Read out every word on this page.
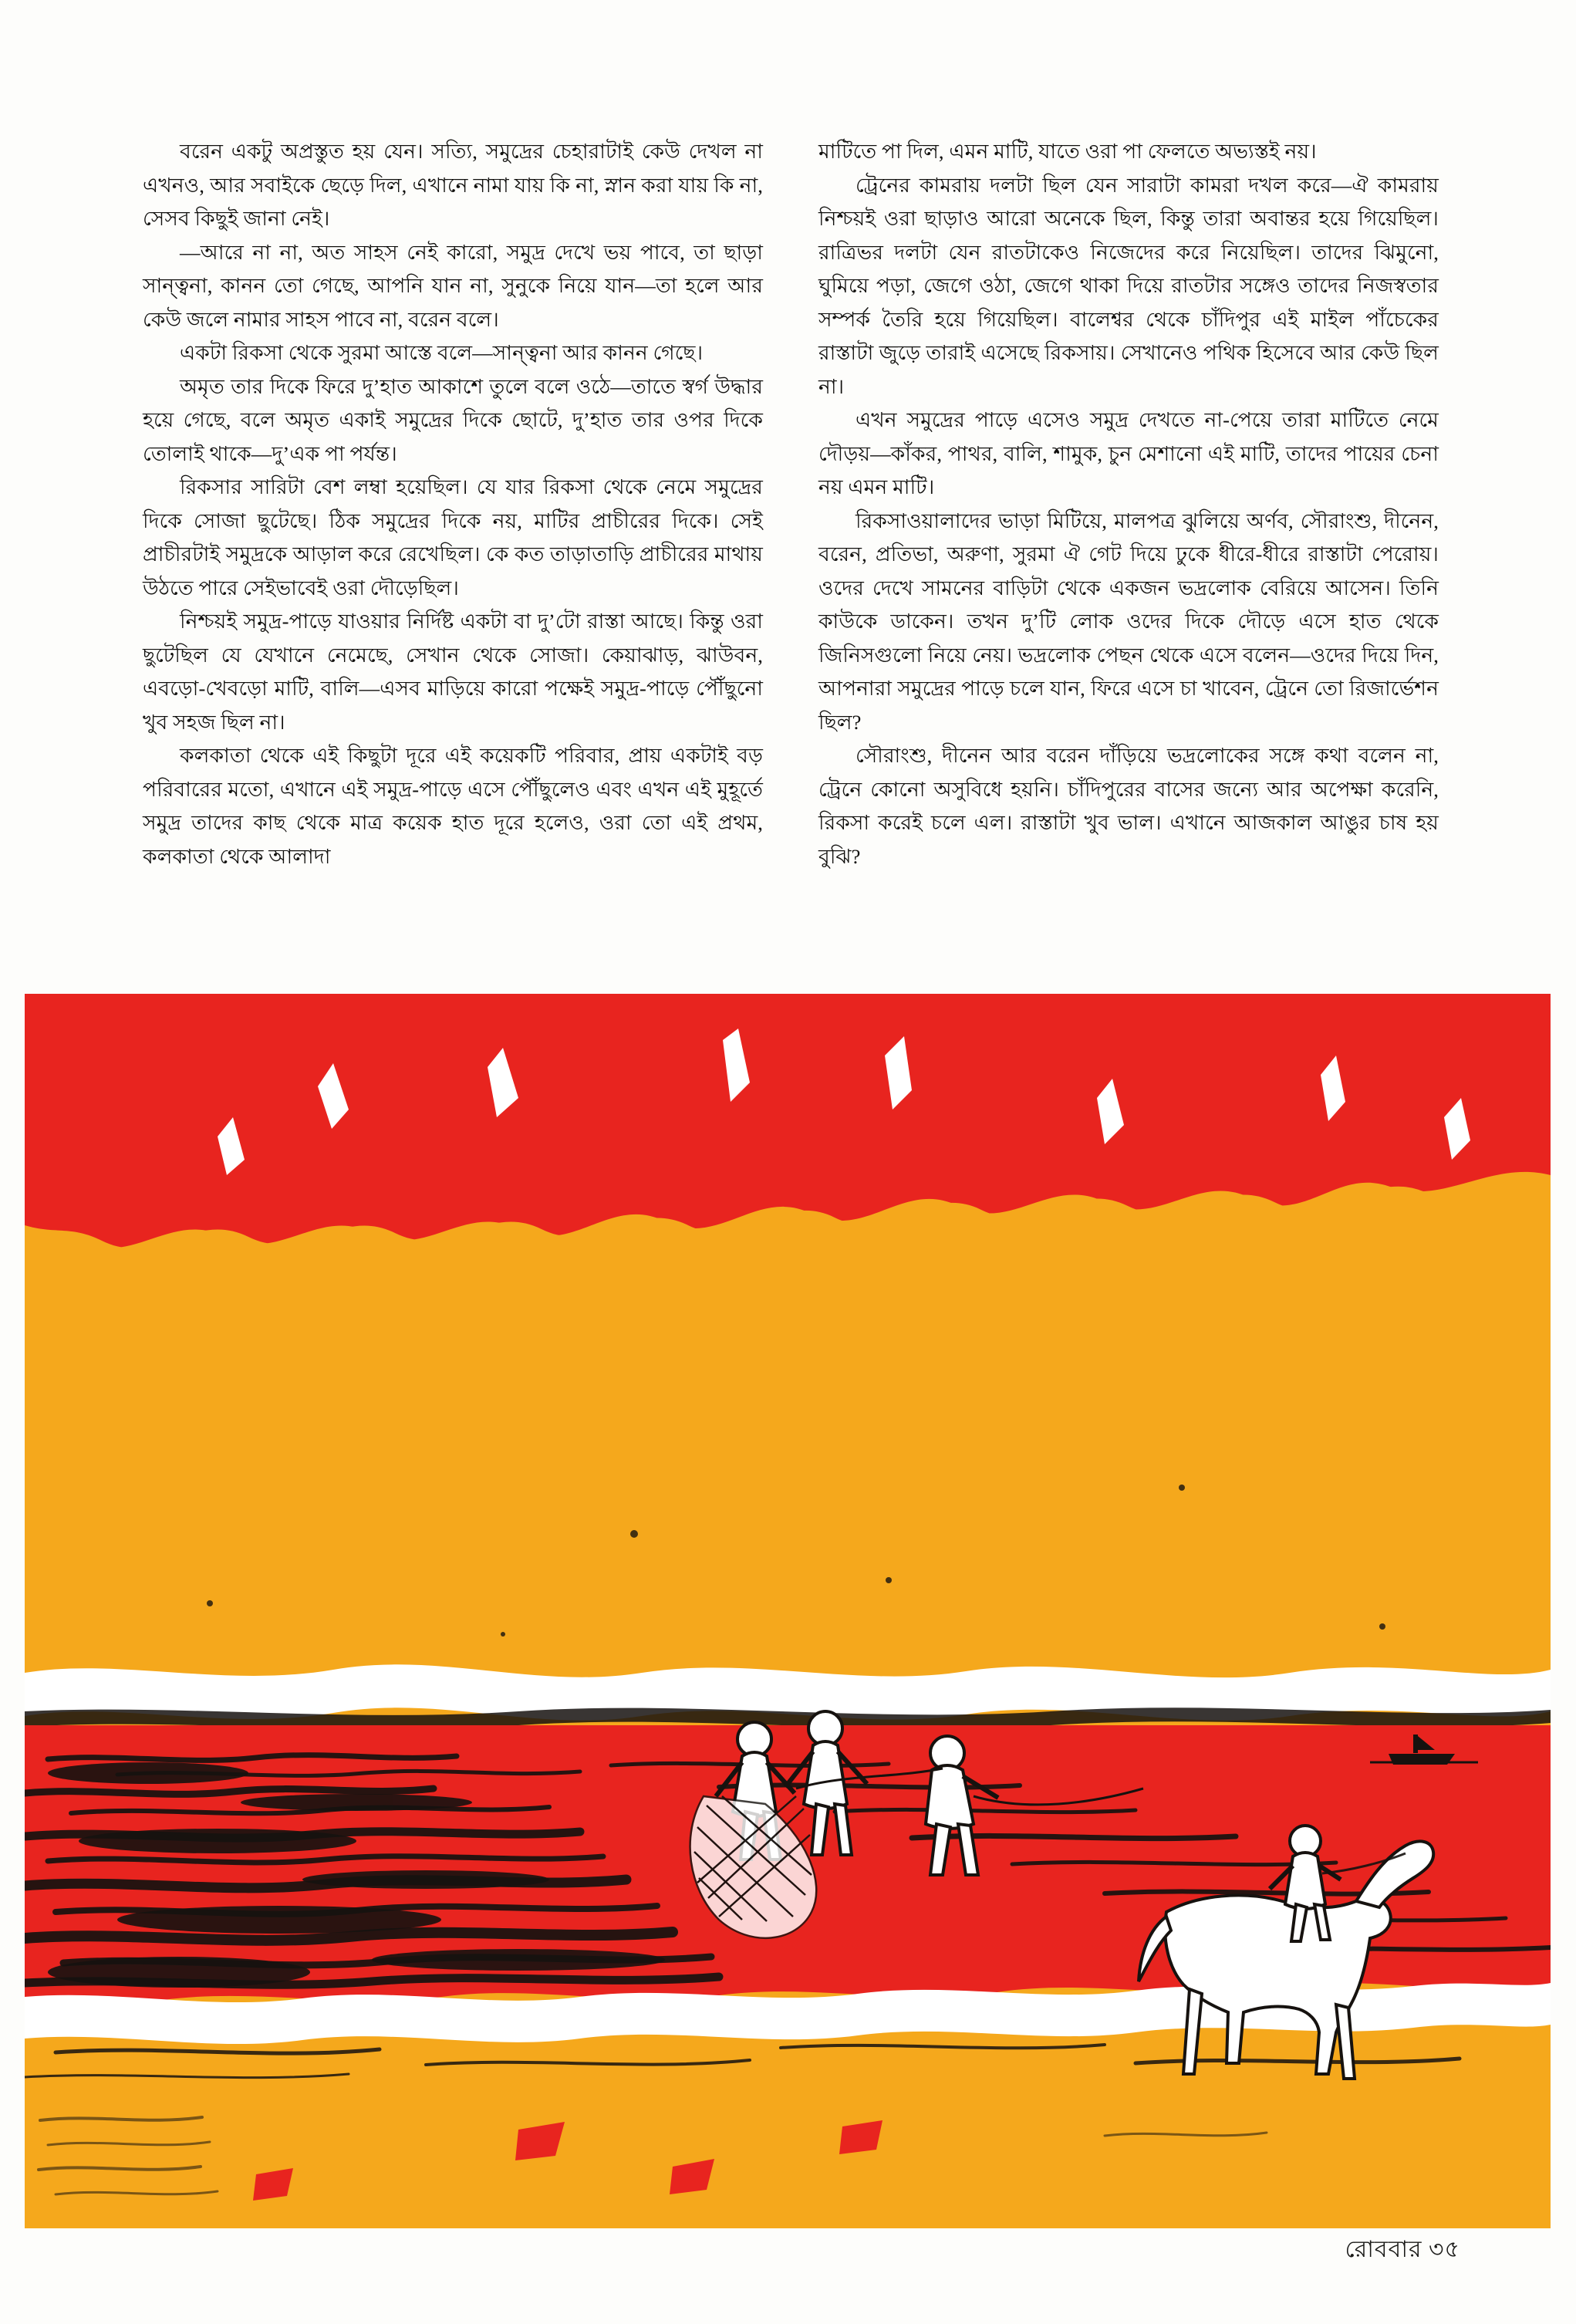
বরেন একটু অপ্রস্তুত হয় যেন। সত্যি, সমুদ্রের চেহারাটাই কেউ দেখল না এখনও, আর সবাইকে ছেড়ে দিল, এখানে নামা যায় কি না, স্নান করা যায় কি না, সেসব কিছুই জানা নেই।

—আরে না না, অত সাহস নেই কারো, সমুদ্র দেখে ভয় পাবে, তা ছাড়া সান্ত্বনা, কানন তো গেছে, আপনি যান না, সুনুকে নিয়ে যান—তা হলে আর কেউ জলে নামার সাহস পাবে না, বরেন বলে।

একটা রিকসা থেকে সুরমা আস্তে বলে—সান্ত্বনা আর কানন গেছে।

অমৃত তার দিকে ফিরে দু’হাত আকাশে তুলে বলে ওঠে—তাতে স্বর্গ উদ্ধার হয়ে গেছে, বলে অমৃত একাই সমুদ্রের দিকে ছোটে, দু’হাত তার ওপর দিকে তোলাই থাকে—দু’এক পা পর্যন্ত।

রিকসার সারিটা বেশ লম্বা হয়েছিল। যে যার রিকসা থেকে নেমে সমুদ্রের দিকে সোজা ছুটেছে। ঠিক সমুদ্রের দিকে নয়, মাটির প্রাচীরের দিকে। সেই প্রাচীরটাই সমুদ্রকে আড়াল করে রেখেছিল। কে কত তাড়াতাড়ি প্রাচীরের মাথায় উঠতে পারে সেইভাবেই ওরা দৌড়েছিল।

নিশ্চয়ই সমুদ্র-পাড়ে যাওয়ার নির্দিষ্ট একটা বা দু’টো রাস্তা আছে। কিন্তু ওরা ছুটেছিল যে যেখানে নেমেছে, সেখান থেকে সোজা। কেয়াঝাড়, ঝাউবন, এবড়ো-খেবড়ো মাটি, বালি—এসব মাড়িয়ে কারো পক্ষেই সমুদ্র-পাড়ে পৌঁছুনো খুব সহজ ছিল না।

কলকাতা থেকে এই কিছুটা দূরে এই কয়েকটি পরিবার, প্রায় একটাই বড় পরিবারের মতো, এখানে এই সমুদ্র-পাড়ে এসে পৌঁছুলেও এবং এখন এই মুহূর্তে সমুদ্র তাদের কাছ থেকে মাত্র কয়েক হাত দূরে হলেও, ওরা তো এই প্রথম, কলকাতা থেকে আলাদা

মাটিতে পা দিল, এমন মাটি, যাতে ওরা পা ফেলতে অভ্যস্তই নয়।

ট্রেনের কামরায় দলটা ছিল যেন সারাটা কামরা দখল করে—ঐ কামরায় নিশ্চয়ই ওরা ছাড়াও আরো অনেকে ছিল, কিন্তু তারা অবান্তর হয়ে গিয়েছিল। রাত্রিভর দলটা যেন রাতটাকেও নিজেদের করে নিয়েছিল। তাদের ঝিমুনো, ঘুমিয়ে পড়া, জেগে ওঠা, জেগে থাকা দিয়ে রাতটার সঙ্গেও তাদের নিজস্বতার সম্পর্ক তৈরি হয়ে গিয়েছিল। বালেশ্বর থেকে চাঁদিপুর এই মাইল পাঁচেকের রাস্তাটা জুড়ে তারাই এসেছে রিকসায়। সেখানেও পথিক হিসেবে আর কেউ ছিল না।

এখন সমুদ্রের পাড়ে এসেও সমুদ্র দেখতে না-পেয়ে তারা মাটিতে নেমে দৌড়য়—কাঁকর, পাথর, বালি, শামুক, চুন মেশানো এই মাটি, তাদের পায়ের চেনা নয় এমন মাটি।

রিকসাওয়ালাদের ভাড়া মিটিয়ে, মালপত্র ঝুলিয়ে অর্ণব, সৌরাংশু, দীনেন, বরেন, প্রতিভা, অরুণা, সুরমা ঐ গেট দিয়ে ঢুকে ধীরে-ধীরে রাস্তাটা পেরোয়। ওদের দেখে সামনের বাড়িটা থেকে একজন ভদ্রলোক বেরিয়ে আসেন। তিনি কাউকে ডাকেন। তখন দু’টি লোক ওদের দিকে দৌড়ে এসে হাত থেকে জিনিসগুলো নিয়ে নেয়। ভদ্রলোক পেছন থেকে এসে বলেন—ওদের দিয়ে দিন, আপনারা সমুদ্রের পাড়ে চলে যান, ফিরে এসে চা খাবেন, ট্রেনে তো রিজার্ভেশন ছিল?

সৌরাংশু, দীনেন আর বরেন দাঁড়িয়ে ভদ্রলোকের সঙ্গে কথা বলেন না, ট্রেনে কোনো অসুবিধে হয়নি। চাঁদিপুরের বাসের জন্যে আর অপেক্ষা করেনি, রিকসা করেই চলে এল। রাস্তাটা খুব ভাল। এখানে আজকাল আঙুর চাষ হয় বুঝি?

রোববার ৩৫
